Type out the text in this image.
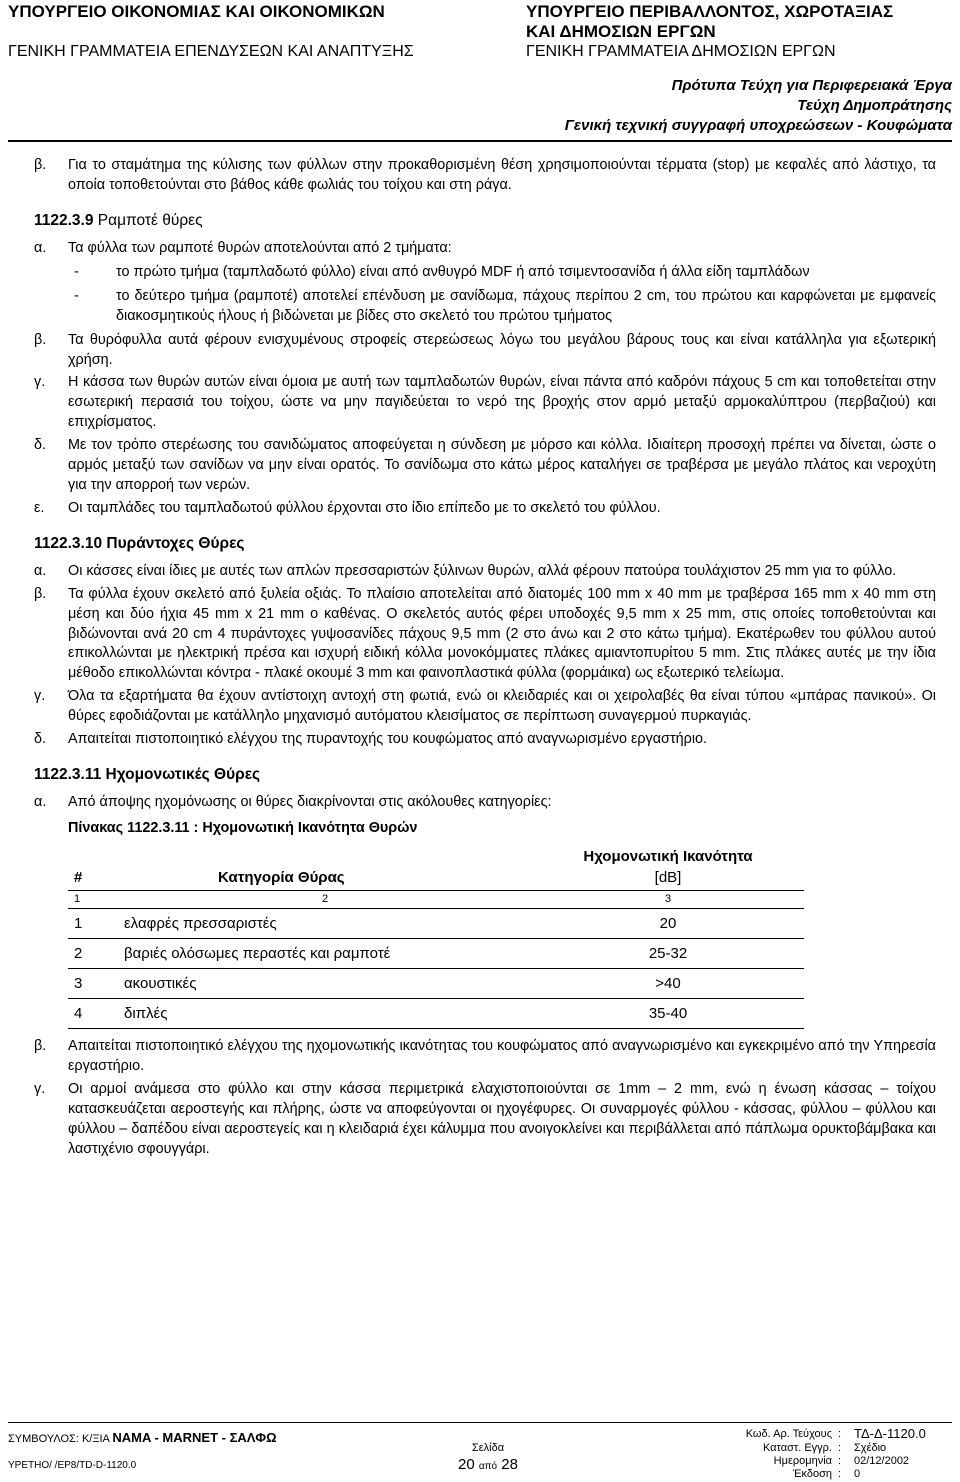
ΥΠΟΥΡΓΕΙΟ ΟΙΚΟΝΟΜΙΑΣ ΚΑΙ ΟΙΚΟΝΟΜΙΚΩΝ
ΓΕΝΙΚΗ ΓΡΑΜΜΑΤΕΙΑ ΕΠΕΝΔΥΣΕΩΝ ΚΑΙ ΑΝΑΠΤΥΞΗΣ
ΥΠΟΥΡΓΕΙΟ ΠΕΡΙΒΑΛΛΟΝΤΟΣ, ΧΩΡΟΤΑΞΙΑΣ
ΚΑΙ ΔΗΜΟΣΙΩΝ ΕΡΓΩΝ
ΓΕΝΙΚΗ ΓΡΑΜΜΑΤΕΙΑ ΔΗΜΟΣΙΩΝ ΕΡΓΩΝ
Πρότυπα Τεύχη για Περιφερειακά Έργα
Τεύχη Δημοπράτησης
Γενική τεχνική συγγραφή υποχρεώσεων - Κουφώματα
β. Για το σταμάτημα της κύλισης των φύλλων στην προκαθορισμένη θέση χρησιμοποιούνται τέρματα (stop) με κεφαλές από λάστιχο, τα οποία τοποθετούνται στο βάθος κάθε φωλιάς του τοίχου και στη ράγα.
1122.3.9 Ραμποτέ θύρες
α. Τα φύλλα των ραμποτέ θυρών αποτελούνται από 2 τμήματα:
-	το πρώτο τμήμα (ταμπλαδωτό φύλλο) είναι από ανθυγρό MDF ή από τσιμεντοσανίδα ή άλλα είδη ταμπλάδων
-	το δεύτερο τμήμα (ραμποτέ) αποτελεί επένδυση με σανίδωμα, πάχους περίπου 2 cm, του πρώτου και καρφώνεται με εμφανείς διακοσμητικούς ήλους ή βιδώνεται με βίδες στο σκελετό του πρώτου τμήματος
β. Τα θυρόφυλλα αυτά φέρουν ενισχυμένους στροφείς στερεώσεως λόγω του μεγάλου βάρους τους και είναι κατάλληλα για εξωτερική χρήση.
γ. Η κάσσα των θυρών αυτών είναι όμοια με αυτή των ταμπλαδωτών θυρών, είναι πάντα από καδρόνι πάχους 5 cm και τοποθετείται στην εσωτερική περασιά του τοίχου, ώστε να μην παγιδεύεται το νερό της βροχής στον αρμό μεταξύ αρμοκαλύπτρου (περβαζιού) και επιχρίσματος.
δ. Με τον τρόπο στερέωσης του σανιδώματος αποφεύγεται η σύνδεση με μόρσο και κόλλα. Ιδιαίτερη προσοχή πρέπει να δίνεται, ώστε ο αρμός μεταξύ των σανίδων να μην είναι ορατός. Το σανίδωμα στο κάτω μέρος καταλήγει σε τραβέρσα με μεγάλο πλάτος και νεροχύτη για την απορροή των νερών.
ε. Οι ταμπλάδες του ταμπλαδωτού φύλλου έρχονται στο ίδιο επίπεδο με το σκελετό του φύλλου.
1122.3.10 Πυράντοχες Θύρες
α. Οι κάσσες είναι ίδιες με αυτές των απλών πρεσσαριστών ξύλινων θυρών, αλλά φέρουν πατούρα τουλάχιστον 25 mm για το φύλλο.
β. Τα φύλλα έχουν σκελετό από ξυλεία οξιάς. Το πλαίσιο αποτελείται από διατομές 100 mm x 40 mm με τραβέρσα 165 mm x 40 mm στη μέση και δύο ήχια 45 mm x 21 mm ο καθένας. Ο σκελετός αυτός φέρει υποδοχές 9,5 mm x 25 mm, στις οποίες τοποθετούνται και βιδώνονται ανά 20 cm 4 πυράντοχες γυψοσανίδες πάχους 9,5 mm (2 στο άνω και 2 στο κάτω τμήμα). Εκατέρωθεν του φύλλου αυτού επικολλώνται με ηλεκτρική πρέσα και ισχυρή ειδική κόλλα μονοκόμματες πλάκες αμιαντοπυρίτου 5 mm. Στις πλάκες αυτές με την ίδια μέθοδο επικολλώνται κόντρα - πλακέ οκουμέ 3 mm και φαινοπλαστικά φύλλα (φορμάικα) ως εξωτερικό τελείωμα.
γ. Όλα τα εξαρτήματα θα έχουν αντίστοιχη αντοχή στη φωτιά, ενώ οι κλειδαριές και οι χειρολαβές θα είναι τύπου «μπάρας πανικού». Οι θύρες εφοδιάζονται με κατάλληλο μηχανισμό αυτόματου κλεισίματος σε περίπτωση συναγερμού πυρκαγιάς.
δ. Απαιτείται πιστοποιητικό ελέγχου της πυραντοχής του κουφώματος από αναγνωρισμένο εργαστήριο.
1122.3.11 Ηχομονωτικές Θύρες
α. Από άποψης ηχομόνωσης οι θύρες διακρίνονται στις ακόλουθες κατηγορίες:
Πίνακας 1122.3.11 : Ηχομονωτική Ικανότητα Θυρών
#	Κατηγορία Θύρας	Ηχομονωτική Ικανότητα
[dB]

1	2	3
1	ελαφρές πρεσσαριστές	20
2	βαριές ολόσωμες περαστές και ραμποτέ	25-32
3	ακουστικές	>40
4	διπλές	35-40
β. Απαιτείται πιστοποιητικό ελέγχου της ηχομονωτικής ικανότητας του κουφώματος από αναγνωρισμένο και εγκεκριμένο από την Υπηρεσία εργαστήριο.
γ. Οι αρμοί ανάμεσα στο φύλλο και στην κάσσα περιμετρικά ελαχιστοποιούνται σε 1mm – 2 mm, ενώ η ένωση κάσσας – τοίχου κατασκευάζεται αεροστεγής και πλήρης, ώστε να αποφεύγονται οι ηχογέφυρες. Οι συναρμογές φύλλου - κάσσας, φύλλου – φύλλου και φύλλου – δαπέδου είναι αεροστεγείς και η κλειδαριά έχει κάλυμμα που ανοιγοκλείνει και περιβάλλεται από πάπλωμα ορυκτοβάμβακα και λαστιχένιο σφουγγάρι.
ΣΥΜΒΟΥΛΟΣ: Κ/ΞΙΑ NAMA - MARNET - ΣΑΛΦΩ
ΥΡΕΤΗΟ/ /ΕΡ8/TD-D-1120.0
Σελίδα
20 από 28
Κωδ. Αρ. Τεύχους : ΤΔ-Δ-1120.0
Καταστ. Εγγρ. : Σχέδιο
Ημερομηνία : 02/12/2002
Έκδοση : 0
